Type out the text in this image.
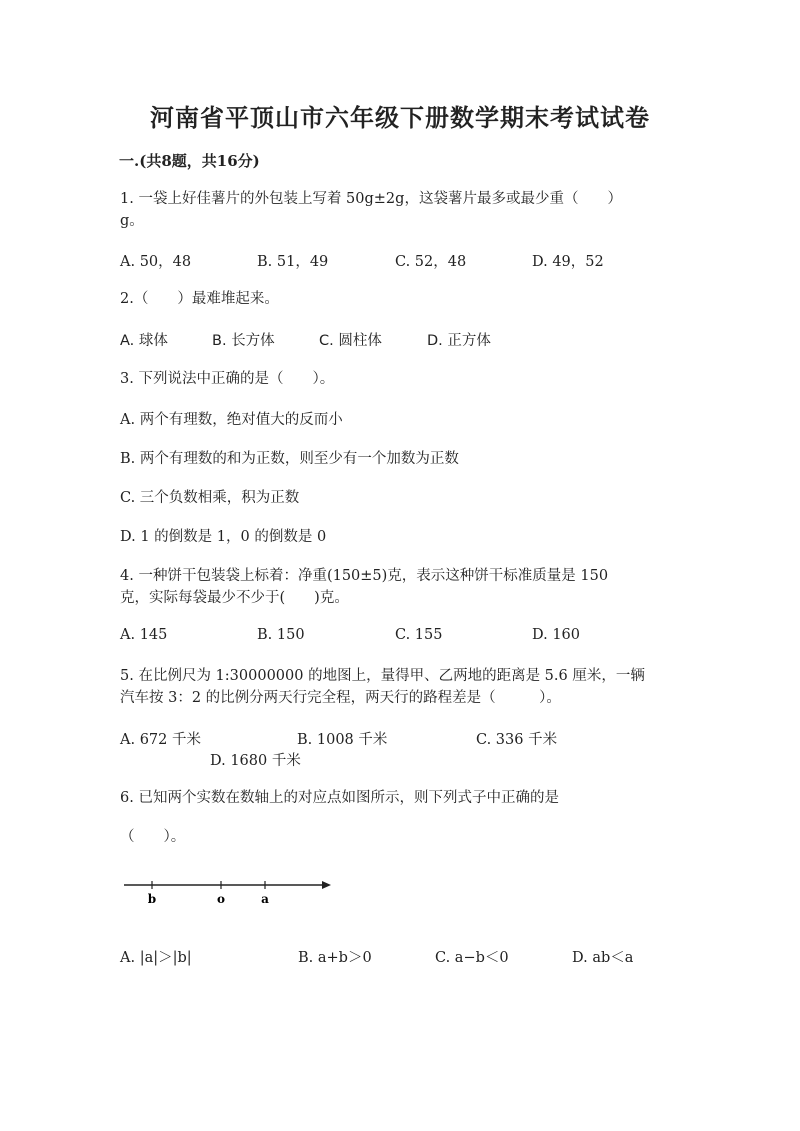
河南省平顶山市六年级下册数学期末考试试卷
一.(共8题，共16分)
1. 一袋上好佳薯片的外包装上写着 50g±2g，这袋薯片最多或最少重（　　）
g。
A. 50，48	B. 51，49	C. 52，48	D. 49，52
2.（　　）最难堆起来。
A. 球体	B. 长方体	C. 圆柱体	D. 正方体
3. 下列说法中正确的是（　　）。
A. 两个有理数，绝对值大的反而小
B. 两个有理数的和为正数，则至少有一个加数为正数
C. 三个负数相乘，积为正数
D. 1 的倒数是 1，0 的倒数是 0
4. 一种饼干包装袋上标着：净重(150±5)克，表示这种饼干标准质量是 150
克，实际每袋最少不少于(　　)克。
A. 145	B. 150	C. 155	D. 160
5. 在比例尺为 1:30000000 的地图上，量得甲、乙两地的距离是 5.6 厘米，一辆
汽车按 3：2 的比例分两天行完全程，两天行的路程差是（　　　）。
A. 672 千米	B. 1008 千米	C. 336 千米
D. 1680 千米
6. 已知两个实数在数轴上的对应点如图所示，则下列式子中正确的是
（　　）。
b	o	a
A. |a|＞|b|	B. a+b＞0	C. a−b＜0	D. ab＜a
